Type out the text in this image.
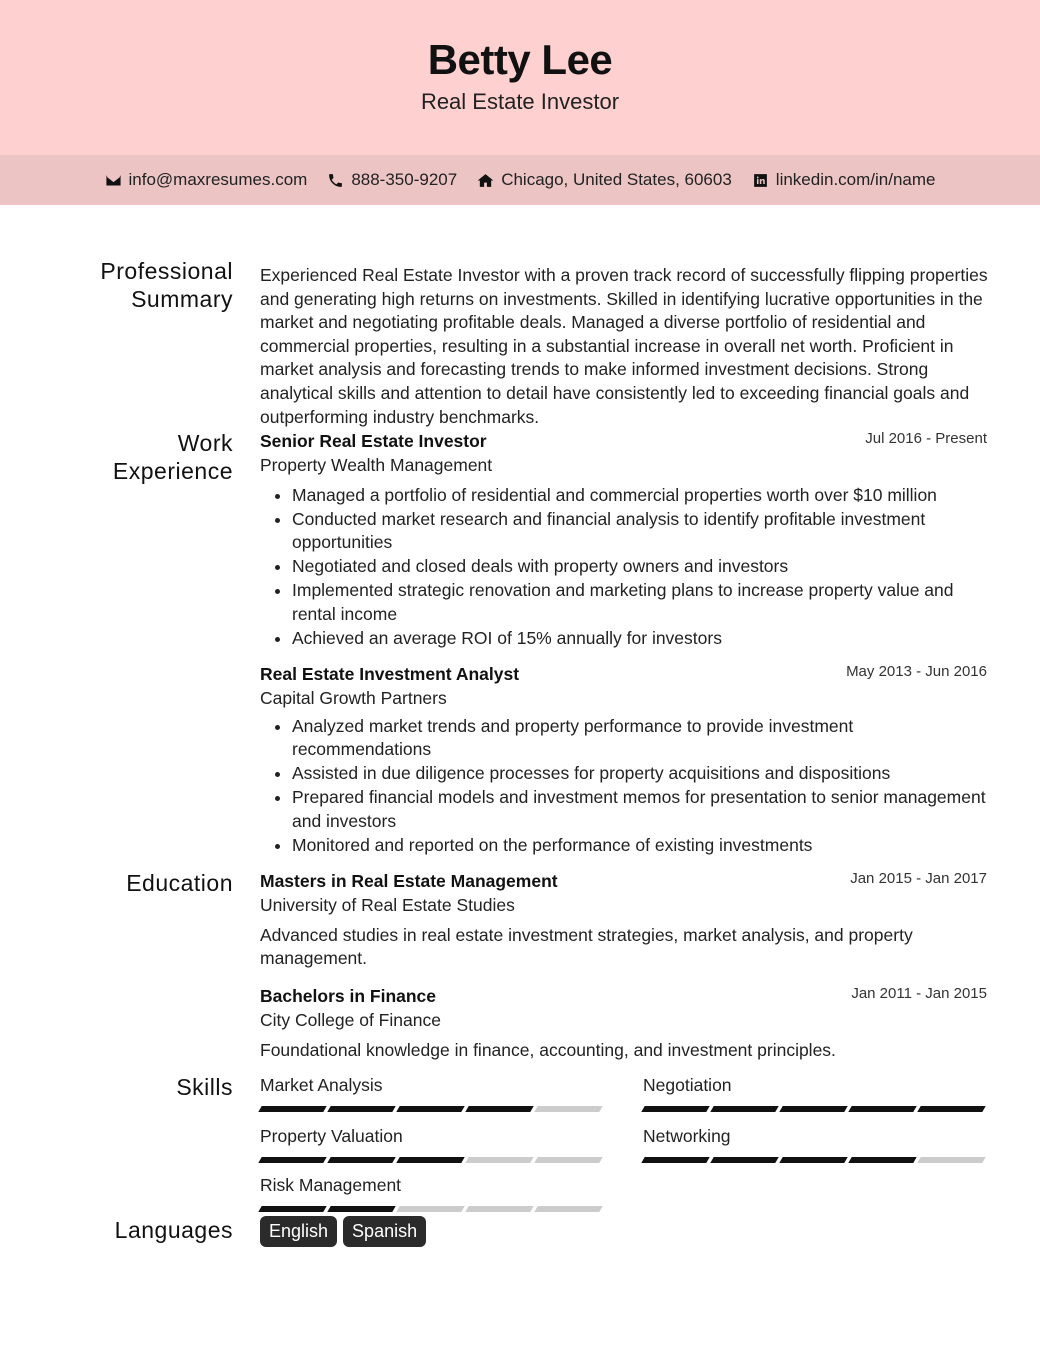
Betty Lee
Real Estate Investor
info@maxresumes.com	888-350-9207	Chicago, United States, 60603	linkedin.com/in/name
Professional
Summary
Work
Experience
Education
Skills
Languages
Experienced Real Estate Investor with a proven track record of successfully flipping properties and generating high returns on investments. Skilled in identifying lucrative opportunities in the market and negotiating profitable deals. Managed a diverse portfolio of residential and commercial properties, resulting in a substantial increase in overall net worth. Proficient in market analysis and forecasting trends to make informed investment decisions. Strong analytical skills and attention to detail have consistently led to exceeding financial goals and outperforming industry benchmarks.
Senior Real Estate Investor	Jul 2016 - Present
Property Wealth Management
• Managed a portfolio of residential and commercial properties worth over $10 million
• Conducted market research and financial analysis to identify profitable investment opportunities
• Negotiated and closed deals with property owners and investors
• Implemented strategic renovation and marketing plans to increase property value and rental income
• Achieved an average ROI of 15% annually for investors
Real Estate Investment Analyst	May 2013 - Jun 2016
Capital Growth Partners
• Analyzed market trends and property performance to provide investment recommendations
• Assisted in due diligence processes for property acquisitions and dispositions
• Prepared financial models and investment memos for presentation to senior management and investors
• Monitored and reported on the performance of existing investments
Masters in Real Estate Management	Jan 2015 - Jan 2017
University of Real Estate Studies
Advanced studies in real estate investment strategies, market analysis, and property management.
Bachelors in Finance	Jan 2011 - Jan 2015
City College of Finance
Foundational knowledge in finance, accounting, and investment principles.
Market Analysis	Negotiation
Property Valuation	Networking
Risk Management
English	Spanish
